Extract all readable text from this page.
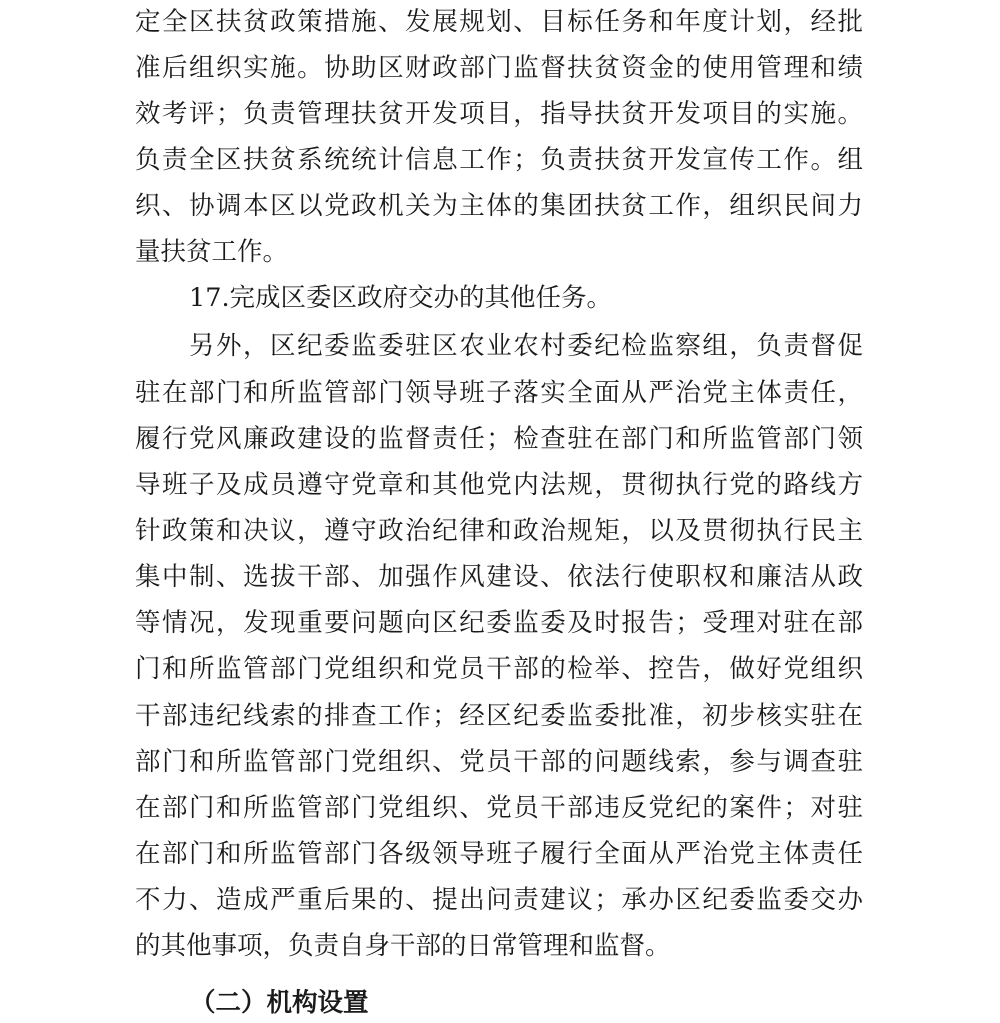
定全区扶贫政策措施、发展规划、目标任务和年度计划，经批
准后组织实施。协助区财政部门监督扶贫资金的使用管理和绩
效考评；负责管理扶贫开发项目，指导扶贫开发项目的实施。
负责全区扶贫系统统计信息工作；负责扶贫开发宣传工作。组
织、协调本区以党政机关为主体的集团扶贫工作，组织民间力
量扶贫工作。
17.完成区委区政府交办的其他任务。
另外，区纪委监委驻区农业农村委纪检监察组，负责督促
驻在部门和所监管部门领导班子落实全面从严治党主体责任，
履行党风廉政建设的监督责任；检查驻在部门和所监管部门领
导班子及成员遵守党章和其他党内法规，贯彻执行党的路线方
针政策和决议，遵守政治纪律和政治规矩，以及贯彻执行民主
集中制、选拔干部、加强作风建设、依法行使职权和廉洁从政
等情况，发现重要问题向区纪委监委及时报告；受理对驻在部
门和所监管部门党组织和党员干部的检举、控告，做好党组织
干部违纪线索的排查工作；经区纪委监委批准，初步核实驻在
部门和所监管部门党组织、党员干部的问题线索，参与调查驻
在部门和所监管部门党组织、党员干部违反党纪的案件；对驻
在部门和所监管部门各级领导班子履行全面从严治党主体责任
不力、造成严重后果的、提出问责建议；承办区纪委监委交办
的其他事项，负责自身干部的日常管理和监督。
（二）机构设置
